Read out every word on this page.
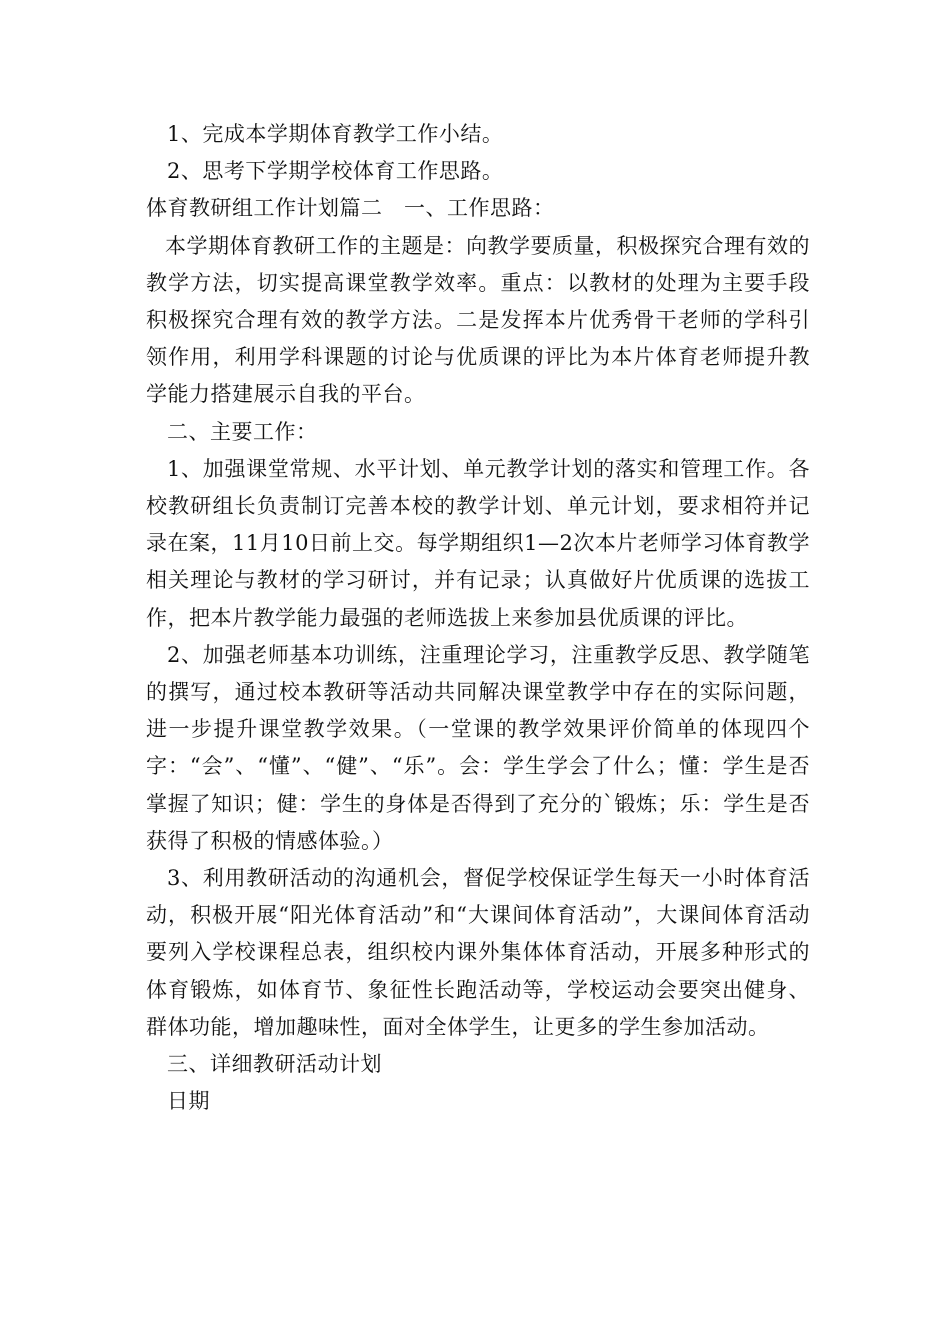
1、完成本学期体育教学工作小结。

2、思考下学期学校体育工作思路。

体育教研组工作计划篇二　一、工作思路：

本学期体育教研工作的主题是：向教学要质量，积极探究合理有效的教学方法，切实提高课堂教学效率。重点：以教材的处理为主要手段积极探究合理有效的教学方法。二是发挥本片优秀骨干老师的学科引领作用，利用学科课题的讨论与优质课的评比为本片体育老师提升教学能力搭建展示自我的平台。

二、主要工作：

1、加强课堂常规、水平计划、单元教学计划的落实和管理工作。各校教研组长负责制订完善本校的教学计划、单元计划，要求相符并记录在案，11月10日前上交。每学期组织1—2次本片老师学习体育教学相关理论与教材的学习研讨，并有记录；认真做好片优质课的选拔工作，把本片教学能力最强的老师选拔上来参加县优质课的评比。

2、加强老师基本功训练，注重理论学习，注重教学反思、教学随笔的撰写，通过校本教研等活动共同解决课堂教学中存在的实际问题，进一步提升课堂教学效果。（一堂课的教学效果评价简单的体现四个字：“会”、“懂”、“健”、“乐”。会：学生学会了什么；懂：学生是否掌握了知识；健：学生的身体是否得到了充分的`锻炼；乐：学生是否获得了积极的情感体验。）

3、利用教研活动的沟通机会，督促学校保证学生每天一小时体育活动，积极开展“阳光体育活动”和“大课间体育活动”，大课间体育活动要列入学校课程总表，组织校内课外集体体育活动，开展多种形式的体育锻炼，如体育节、象征性长跑活动等，学校运动会要突出健身、群体功能，增加趣味性，面对全体学生，让更多的学生参加活动。

三、详细教研活动计划

日期
